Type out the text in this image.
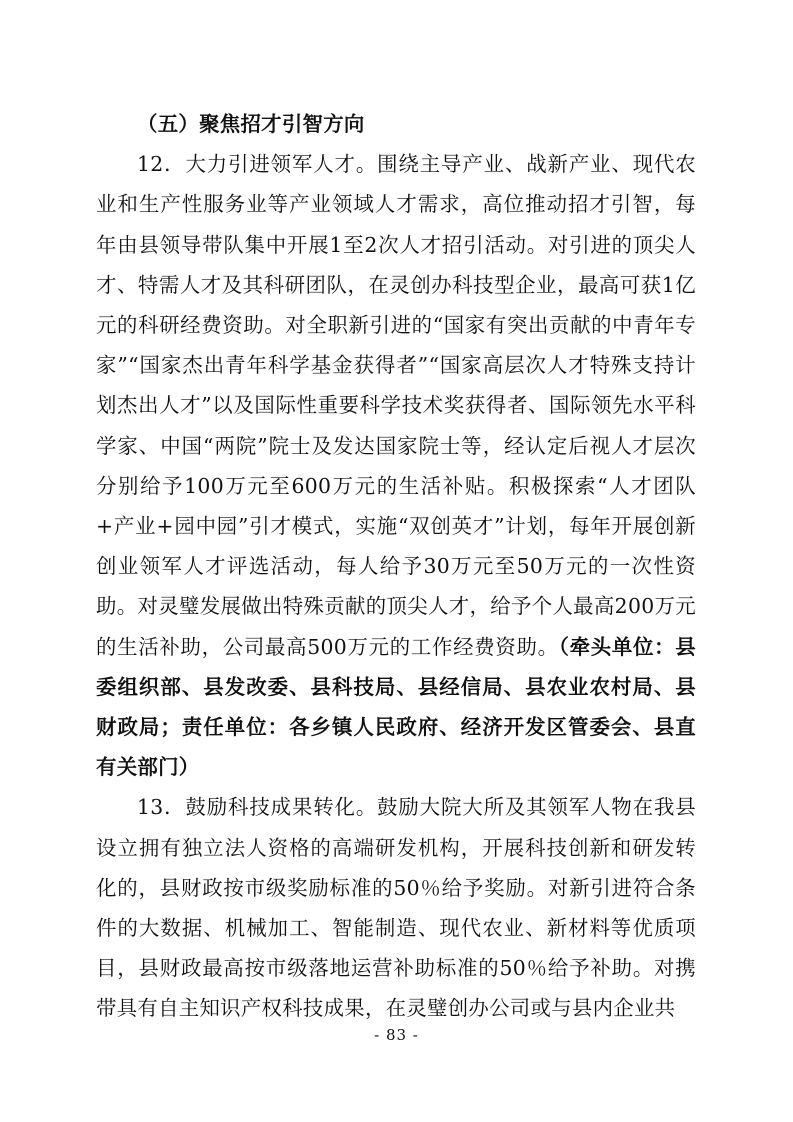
（五）聚焦招才引智方向

12．大力引进领军人才。围绕主导产业、战新产业、现代农业和生产性服务业等产业领域人才需求，高位推动招才引智，每年由县领导带队集中开展1至2次人才招引活动。对引进的顶尖人才、特需人才及其科研团队，在灵创办科技型企业，最高可获1亿元的科研经费资助。对全职新引进的“国家有突出贡献的中青年专家”“国家杰出青年科学基金获得者”“国家高层次人才特殊支持计划杰出人才”以及国际性重要科学技术奖获得者、国际领先水平科学家、中国“两院”院士及发达国家院士等，经认定后视人才层次分别给予100万元至600万元的生活补贴。积极探索“人才团队+产业+园中园”引才模式，实施“双创英才”计划，每年开展创新创业领军人才评选活动，每人给予30万元至50万元的一次性资助。对灵璧发展做出特殊贡献的顶尖人才，给予个人最高200万元的生活补助，公司最高500万元的工作经费资助。（牵头单位：县委组织部、县发改委、县科技局、县经信局、县农业农村局、县财政局；责任单位：各乡镇人民政府、经济开发区管委会、县直有关部门）

13．鼓励科技成果转化。鼓励大院大所及其领军人物在我县设立拥有独立法人资格的高端研发机构，开展科技创新和研发转化的，县财政按市级奖励标准的50％给予奖励。对新引进符合条件的大数据、机械加工、智能制造、现代农业、新材料等优质项目，县财政最高按市级落地运营补助标准的50％给予补助。对携带具有自主知识产权科技成果，在灵璧创办公司或与县内企业共

- 83 -
